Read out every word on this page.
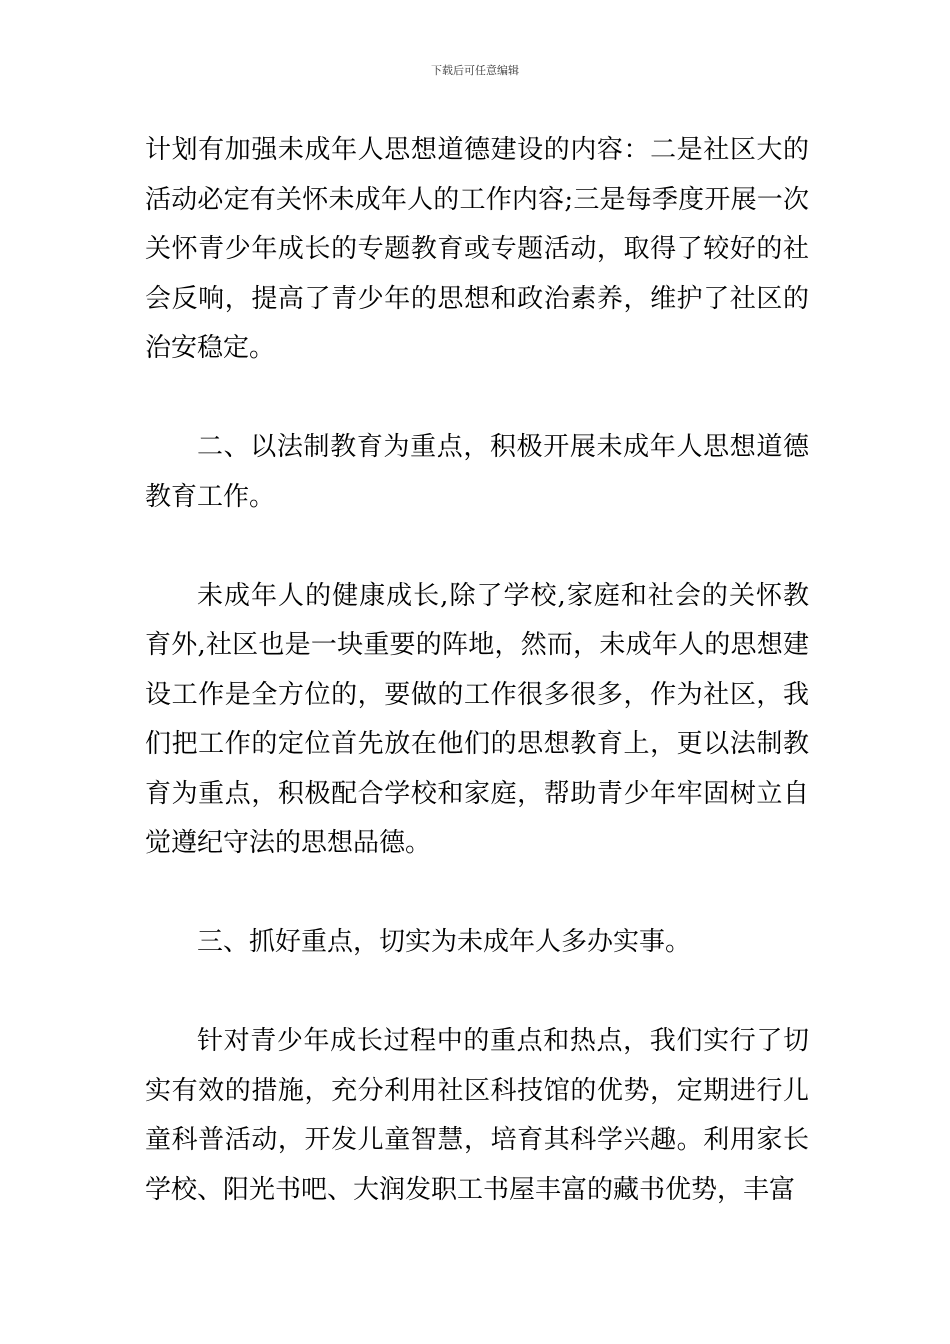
下载后可任意编辑

计划有加强未成年人思想道德建设的内容：二是社区大的活动必定有关怀未成年人的工作内容;三是每季度开展一次关怀青少年成长的专题教育或专题活动，取得了较好的社会反响，提高了青少年的思想和政治素养，维护了社区的治安稳定。

二、以法制教育为重点，积极开展未成年人思想道德教育工作。

未成年人的健康成长,除了学校,家庭和社会的关怀教育外,社区也是一块重要的阵地，然而，未成年人的思想建设工作是全方位的，要做的工作很多很多，作为社区，我们把工作的定位首先放在他们的思想教育上，更以法制教育为重点，积极配合学校和家庭，帮助青少年牢固树立自觉遵纪守法的思想品德。

三、抓好重点，切实为未成年人多办实事。

针对青少年成长过程中的重点和热点，我们实行了切实有效的措施，充分利用社区科技馆的优势，定期进行儿童科普活动，开发儿童智慧，培育其科学兴趣。利用家长学校、阳光书吧、大润发职工书屋丰富的藏书优势，丰富
